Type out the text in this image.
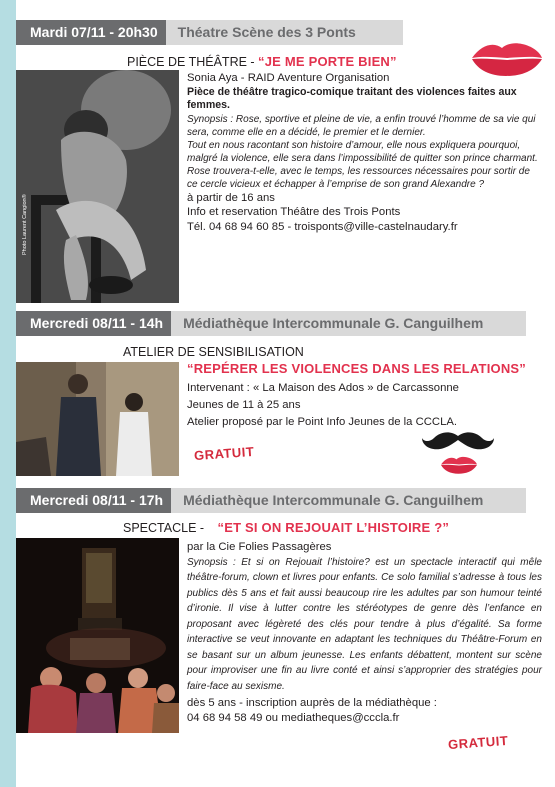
Mardi 07/11 - 20h30	Théatre Scène des 3 Ponts
PIÈCE DE THÉÂTRE - “JE ME PORTE BIEN”
Photo Laurent Cangion®

Sonia Aya - RAID Aventure Organisation

Pièce de théâtre tragico-comique traitant des violences faites aux femmes.

Synopsis : Rose, sportive et pleine de vie, a enfin trouvé l’homme de sa vie qui sera, comme elle en a décidé, le premier et le dernier.

Tout en nous racontant son histoire d’amour, elle nous expliquera pourquoi, malgré la violence, elle sera dans l’impossibilité de quitter son prince charmant.

Rose trouvera-t-elle, avec le temps, les ressources nécessaires pour sortir de ce cercle vicieux et échapper à l’emprise de son grand Alexandre ?

à partir de 16 ans

Info et reservation Théâtre des Trois Ponts

Tél. 04 68 94 60 85 - troisponts@ville-castelnaudary.fr

Mercredi 08/11 - 14h	Médiathèque Intercommunale G. Canguilhem
ATELIER DE SENSIBILISATION
“REPÉRER LES VIOLENCES DANS LES RELATIONS”

Intervenant : « La Maison des Ados » de Carcassonne

Jeunes de 11 à 25 ans

Atelier proposé par le Point Info Jeunes de la CCCLA.

GRATUIT
Mercredi 08/11 - 17h	Médiathèque Intercommunale G. Canguilhem
SPECTACLE - “ET SI ON REJOUAIT L’HISTOIRE ?”

par la Cie Folies Passagères

Synopsis : Et si on Rejouait l’histoire? est un spectacle interactif qui mêle théâtre-forum, clown et livres pour enfants. Ce solo familial s’adresse à tous les publics dès 5 ans et fait aussi beaucoup rire les adultes par son humour teinté d’ironie. Il vise à lutter contre les stéréotypes de genre dès l’enfance en proposant avec légèreté des clés pour tendre à plus d’égalité. Sa forme interactive se veut innovante en adaptant les techniques du Théâtre-Forum en se basant sur un album jeunesse. Les enfants débattent, montent sur scène pour improviser une fin au livre conté et ainsi s’approprier des stratégies pour faire-face au sexisme.

dès 5 ans - inscription auprès de la médiathèque :

04 68 94 58 49 ou mediatheques@cccla.fr

GRATUIT
